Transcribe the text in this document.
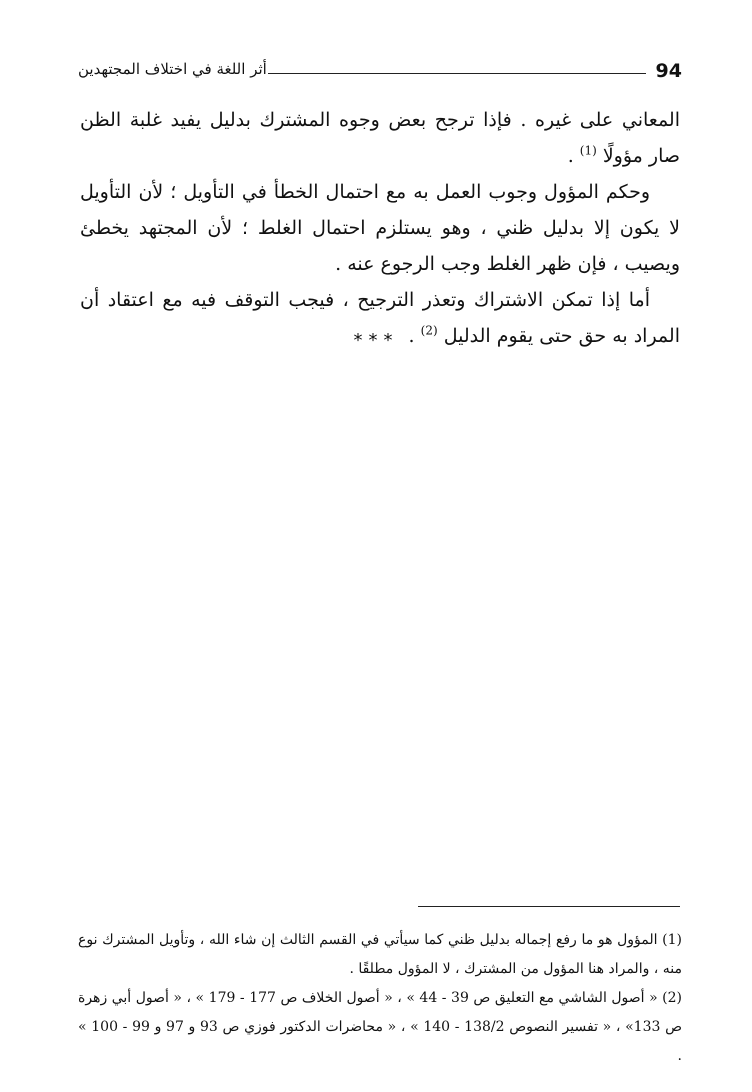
94
أثر اللغة في اختلاف المجتهدين

المعاني على غيره . فإذا ترجح بعض وجوه المشترك بدليل يفيد غلبة الظن صار مؤولًا $^{(1)}$ .

وحكم المؤول وجوب العمل به مع احتمال الخطأ في التأويل ؛ لأن التأويل لا يكون إلا بدليل ظني ، وهو يستلزم احتمال الغلط ؛ لأن المجتهد يخطئ ويصيب ، فإن ظهر الغلط وجب الرجوع عنه .

أما إذا تمكن الاشتراك وتعذر الترجيح ، فيجب التوقف فيه مع اعتقاد أن المراد به حق حتى يقوم الدليل $^{(2)}$ .

***

(1) المؤول هو ما رفع إجماله بدليل ظني كما سيأتي في القسم الثالث إن شاء الله ، وتأويل المشترك نوع منه ، والمراد هنا المؤول من المشترك ، لا المؤول مطلقًا .

(2) « أصول الشاشي مع التعليق ص 39 - 44 » ، « أصول الخلاف ص 177 - 179 » ، « أصول أبي زهرة ص 133» ، « تفسير النصوص 138/2 - 140 » ، « محاضرات الدكتور فوزي ص 93 و 97 و 99 - 100 » .
